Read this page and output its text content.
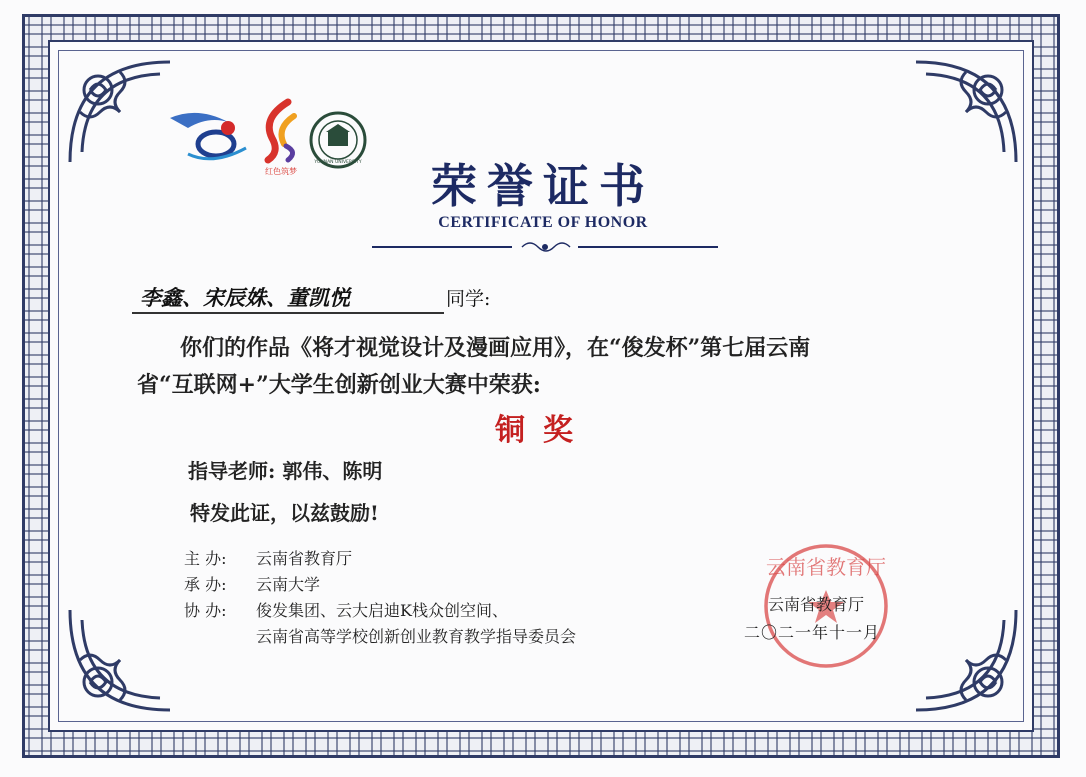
红色筑梦
YUNNAN UNIVERSITY	荣誉证书
CERTIFICATE OF HONOR
李鑫、宋辰姝、董凯悦	同学:
你们的作品《将才视觉设计及漫画应用》，在“俊发杯”第七届云南
省“互联网+”大学生创新创业大赛中荣获:
铜奖
指导老师: 郭伟、陈明
特发此证，以兹鼓励!
主 办: 云南省教育厅
承 办: 云南大学
协 办: 俊发集团、云大启迪K栈众创空间、
云南省高等学校创新创业教育教学指导委员会
云南省教育厅
云南省教育厅
二〇二一年十一月
